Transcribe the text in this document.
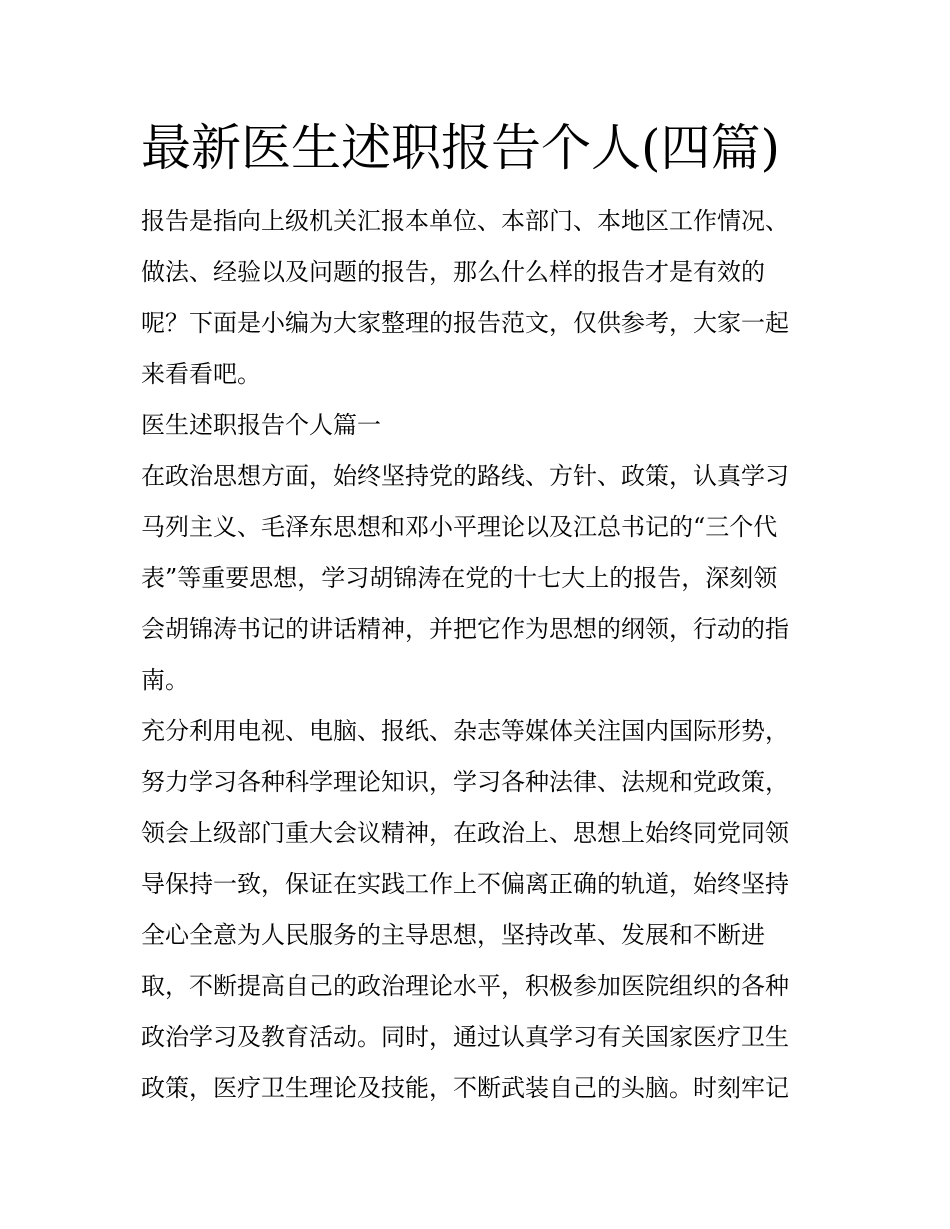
最新医生述职报告个人(四篇)
报告是指向上级机关汇报本单位、本部门、本地区工作情况、
做法、经验以及问题的报告，那么什么样的报告才是有效的
呢？下面是小编为大家整理的报告范文，仅供参考，大家一起
来看看吧。
医生述职报告个人篇一
在政治思想方面，始终坚持党的路线、方针、政策，认真学习
马列主义、毛泽东思想和邓小平理论以及江总书记的“三个代
表”等重要思想，学习胡锦涛在党的十七大上的报告，深刻领
会胡锦涛书记的讲话精神，并把它作为思想的纲领，行动的指
南。
充分利用电视、电脑、报纸、杂志等媒体关注国内国际形势，
努力学习各种科学理论知识，学习各种法律、法规和党政策，
领会上级部门重大会议精神，在政治上、思想上始终同党同领
导保持一致，保证在实践工作上不偏离正确的轨道，始终坚持
全心全意为人民服务的主导思想，坚持改革、发展和不断进
取，不断提高自己的政治理论水平，积极参加医院组织的各种
政治学习及教育活动。同时，通过认真学习有关国家医疗卫生
政策，医疗卫生理论及技能，不断武装自己的头脑。时刻牢记
